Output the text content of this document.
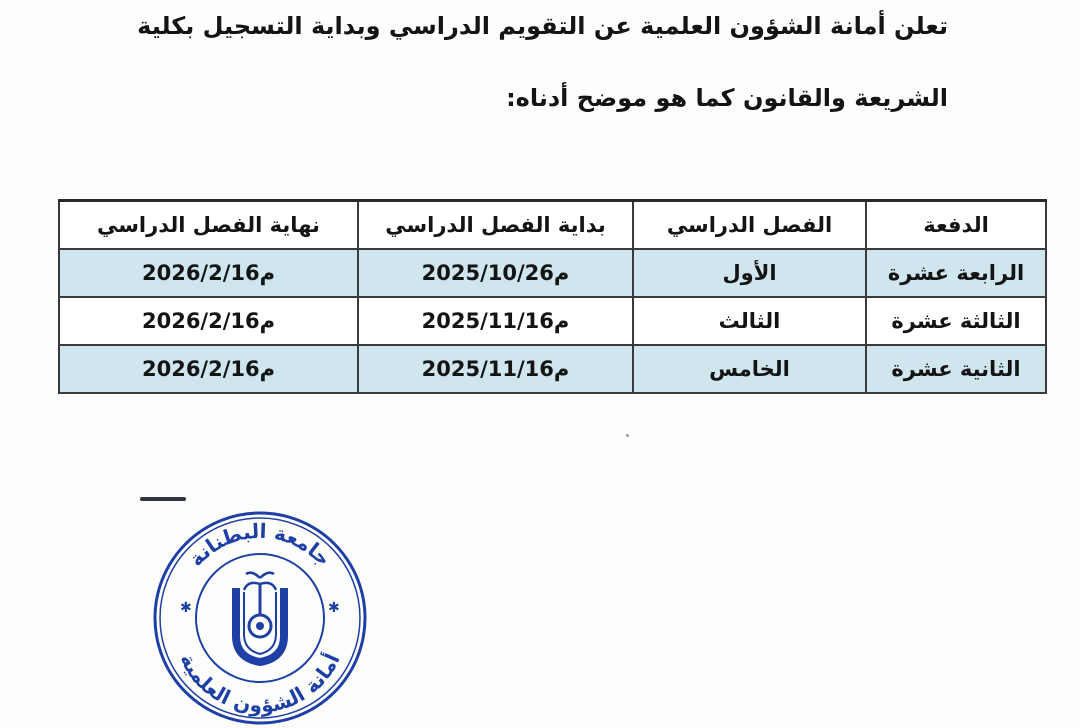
تعلن أمانة الشؤون العلمية عن التقويم الدراسي وبداية التسجيل بكلية
الشريعة والقانون كما هو موضح أدناه:
الدفعة	الفصل الدراسي	بداية الفصل الدراسي	نهاية الفصل الدراسي
الرابعة عشرة	الأول	2025/10/26م	2026/2/16م
الثالثة عشرة	الثالث	2025/11/16م	2026/2/16م
الثانية عشرة	الخامس	2025/11/16م	2026/2/16م
جامعة البطنانة
أمانة الشؤون العلمية
✱	✱
